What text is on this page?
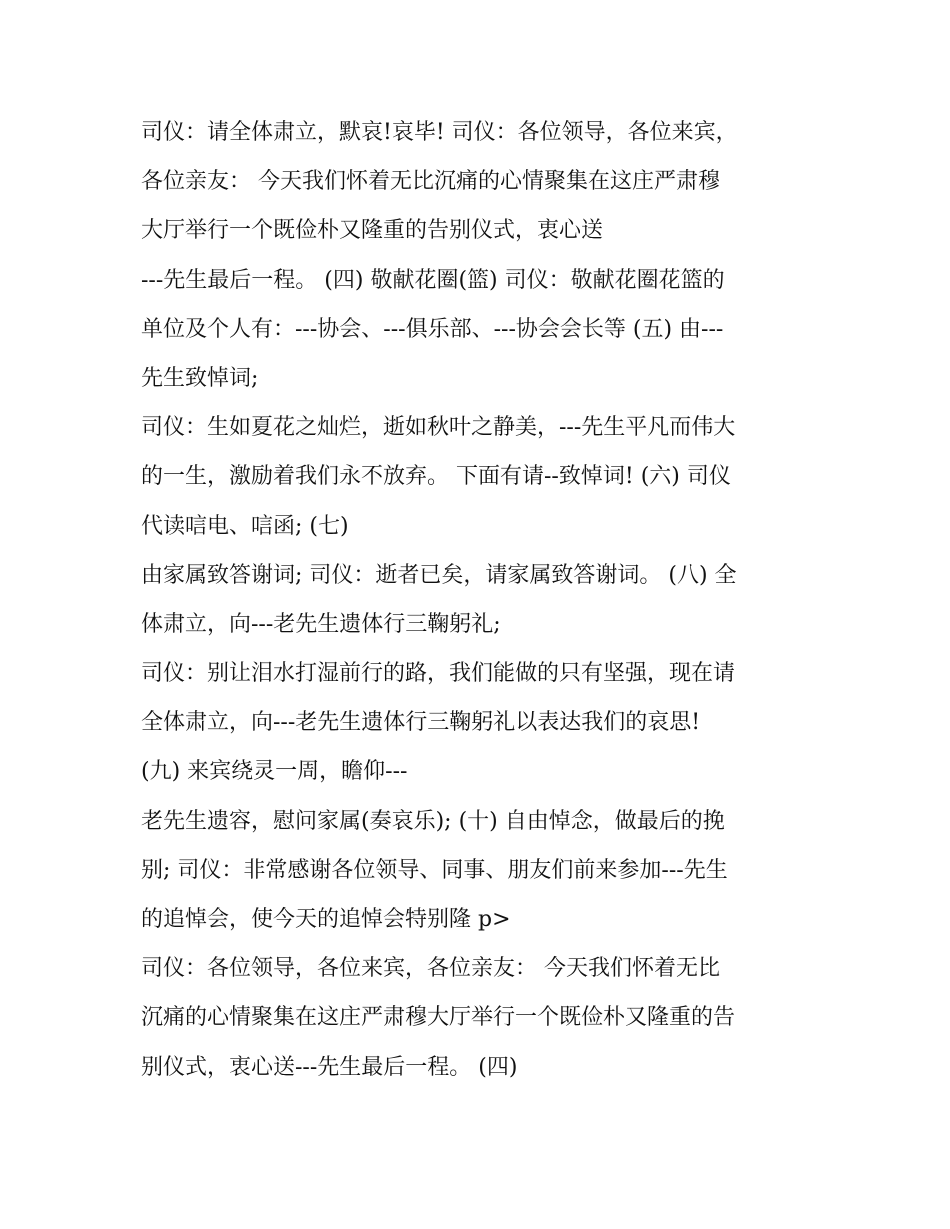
司仪：请全体肃立，默哀!哀毕! 司仪：各位领导，各位来宾，
各位亲友： 今天我们怀着无比沉痛的心情聚集在这庄严肃穆
大厅举行一个既俭朴又隆重的告别仪式，衷心送
---先生最后一程。 (四) 敬献花圈(篮) 司仪：敬献花圈花篮的
单位及个人有：---协会、---俱乐部、---协会会长等 (五) 由---
先生致悼词;
司仪：生如夏花之灿烂，逝如秋叶之静美，---先生平凡而伟大
的一生，激励着我们永不放弃。 下面有请--致悼词! (六) 司仪
代读唁电、唁函; (七)
由家属致答谢词; 司仪：逝者已矣，请家属致答谢词。 (八) 全
体肃立，向---老先生遗体行三鞠躬礼;
司仪：别让泪水打湿前行的路，我们能做的只有坚强，现在请
全体肃立，向---老先生遗体行三鞠躬礼以表达我们的哀思!
(九) 来宾绕灵一周，瞻仰---
老先生遗容，慰问家属(奏哀乐); (十) 自由悼念，做最后的挽
别; 司仪：非常感谢各位领导、同事、朋友们前来参加---先生
的追悼会，使今天的追悼会特别隆 p>
司仪：各位领导，各位来宾，各位亲友： 今天我们怀着无比
沉痛的心情聚集在这庄严肃穆大厅举行一个既俭朴又隆重的告
别仪式，衷心送---先生最后一程。 (四)
